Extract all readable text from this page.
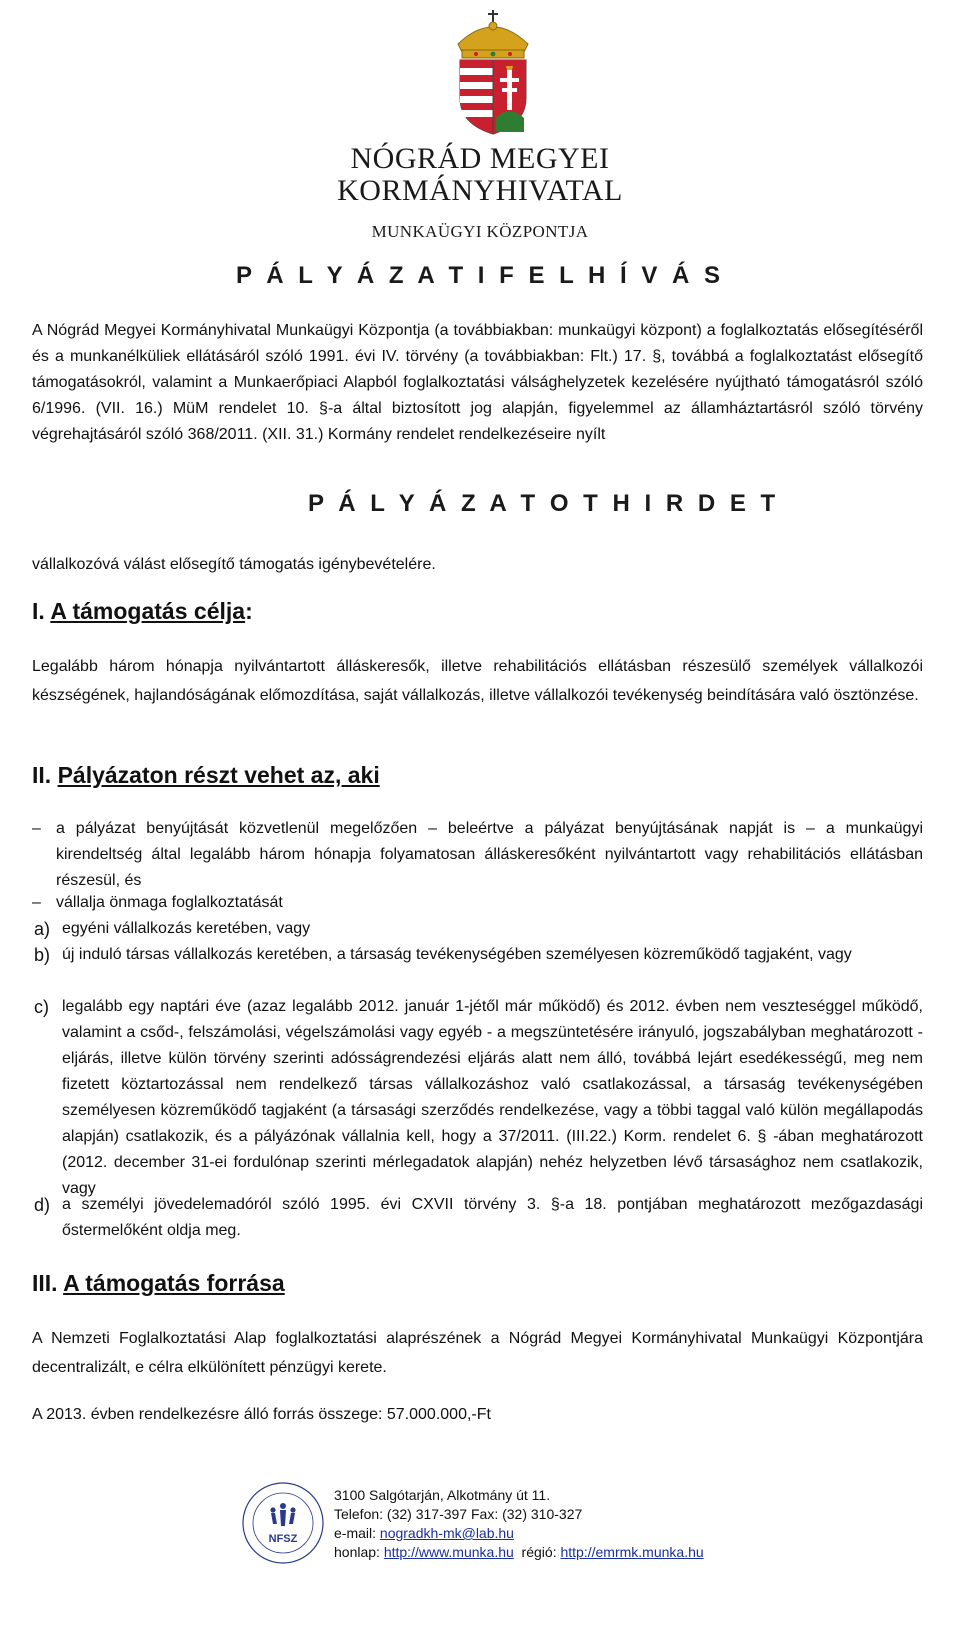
NÓGRÁD MEGYEI
KORMÁNYHIVATAL
MUNKAÜGYI KÖZPONTJA
P Á L Y Á Z A T I F E L H Í V Á S
A Nógrád Megyei Kormányhivatal Munkaügyi Központja (a továbbiakban: munkaügyi központ) a foglalkoztatás elősegítéséről és a munkanélküliek ellátásáról szóló 1991. évi IV. törvény (a továbbiakban: Flt.) 17. §, továbbá a foglalkoztatást elősegítő támogatásokról, valamint a Munkaerőpiaci Alapból foglalkoztatási válsághelyzetek kezelésére nyújtható támogatásról szóló 6/1996. (VII. 16.) MüM rendelet 10. §-a által biztosított jog alapján, figyelemmel az államháztartásról szóló törvény végrehajtásáról szóló 368/2011. (XII. 31.) Kormány rendelet rendelkezéseire nyílt
P Á L Y Á Z A T O T H I R D E T
vállalkozóvá válást elősegítő támogatás igénybevételére.
I. A támogatás célja:
Legalább három hónapja nyilvántartott álláskeresők, illetve rehabilitációs ellátásban részesülő személyek vállalkozói készségének, hajlandóságának előmozdítása, saját vállalkozás, illetve vállalkozói tevékenység beindítására való ösztönzése.
II. Pályázaton részt vehet az, aki
– a pályázat benyújtását közvetlenül megelőzően – beleértve a pályázat benyújtásának napját is – a munkaügyi kirendeltség által legalább három hónapja folyamatosan álláskeresőként nyilvántartott vagy rehabilitációs ellátásban részesül, és
– vállalja önmaga foglalkoztatását
a) egyéni vállalkozás keretében, vagy
b) új induló társas vállalkozás keretében, a társaság tevékenységében személyesen közreműködő tagjaként, vagy
c) legalább egy naptári éve (azaz legalább 2012. január 1-jétől már működő) és 2012. évben nem veszteséggel működő, valamint a csőd-, felszámolási, végelszámolási vagy egyéb - a megszüntetésére irányuló, jogszabályban meghatározott - eljárás, illetve külön törvény szerinti adósságrendezési eljárás alatt nem álló, továbbá lejárt esedékességű, meg nem fizetett köztartozással nem rendelkező társas vállalkozáshoz való csatlakozással, a társaság tevékenységében személyesen közreműködő tagjaként (a társasági szerződés rendelkezése, vagy a többi taggal való külön megállapodás alapján) csatlakozik, és a pályázónak vállalnia kell, hogy a 37/2011. (III.22.) Korm. rendelet 6. § -ában meghatározott (2012. december 31-ei fordulónap szerinti mérlegadatok alapján) nehéz helyzetben lévő társasághoz nem csatlakozik, vagy
d) a személyi jövedelemadóról szóló 1995. évi CXVII törvény 3. §-a 18. pontjában meghatározott mezőgazdasági őstermelőként oldja meg.
III. A támogatás forrása
A Nemzeti Foglalkoztatási Alap foglalkoztatási alaprészének a Nógrád Megyei Kormányhivatal Munkaügyi Központjára decentralizált, e célra elkülönített pénzügyi kerete.
A 2013. évben rendelkezésre álló forrás összege: 57.000.000,-Ft
NFSZ
3100 Salgótarján, Alkotmány út 11.
Telefon: (32) 317-397 Fax: (32) 310-327
e-mail: nogradkh-mk@lab.hu
honlap: http://www.munka.hu  régió: http://emrmk.munka.hu
